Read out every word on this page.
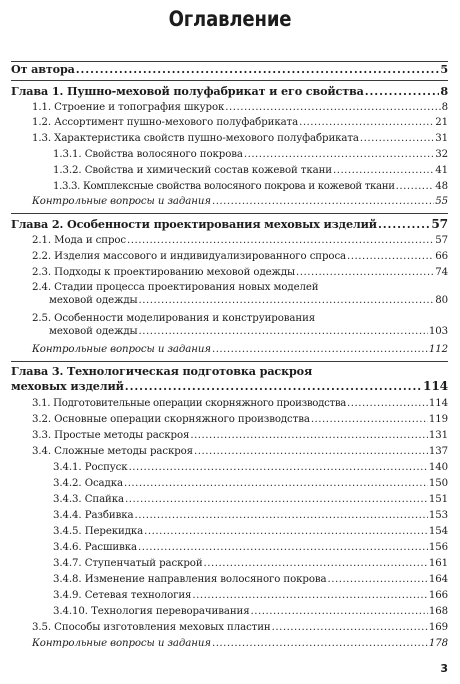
Оглавление
От автора .....	5
Глава 1. Пушно-меховой полуфабрикат и его свойства .....	8
1.1. Строение и топография шкурок .....	8
1.2. Ассортимент пушно-мехового полуфабриката .....	21
1.3. Характеристика свойств пушно-мехового полуфабриката .....	31
1.3.1. Свойства волосяного покрова .....	32
1.3.2. Свойства и химический состав кожевой ткани .....	41
1.3.3. Комплексные свойства волосяного покрова и кожевой ткани .....	48
Контрольные вопросы и задания .....	55
Глава 2. Особенности проектирования меховых изделий .....	57
2.1. Мода и спрос .....	57
2.2. Изделия массового и индивидуализированного спроса .....	66
2.3. Подходы к проектированию меховой одежды .....	74
2.4. Стадии процесса проектирования новых моделей
меховой одежды .....	80
2.5. Особенности моделирования и конструирования
меховой одежды .....	103
Контрольные вопросы и задания .....	112
Глава 3. Технологическая подготовка раскроя
меховых изделий .....	114
3.1. Подготовительные операции скорняжного производства .....	114
3.2. Основные операции скорняжного производства .....	119
3.3. Простые методы раскроя .....	131
3.4. Сложные методы раскроя .....	137
3.4.1. Роспуск .....	140
3.4.2. Осадка .....	150
3.4.3. Спайка .....	151
3.4.4. Разбивка .....	153
3.4.5. Перекидка .....	154
3.4.6. Расшивка .....	156
3.4.7. Ступенчатый раскрой .....	161
3.4.8. Изменение направления волосяного покрова .....	164
3.4.9. Сетевая технология .....	166
3.4.10. Технология переворачивания .....	168
3.5. Способы изготовления меховых пластин .....	169
Контрольные вопросы и задания .....	178
3
